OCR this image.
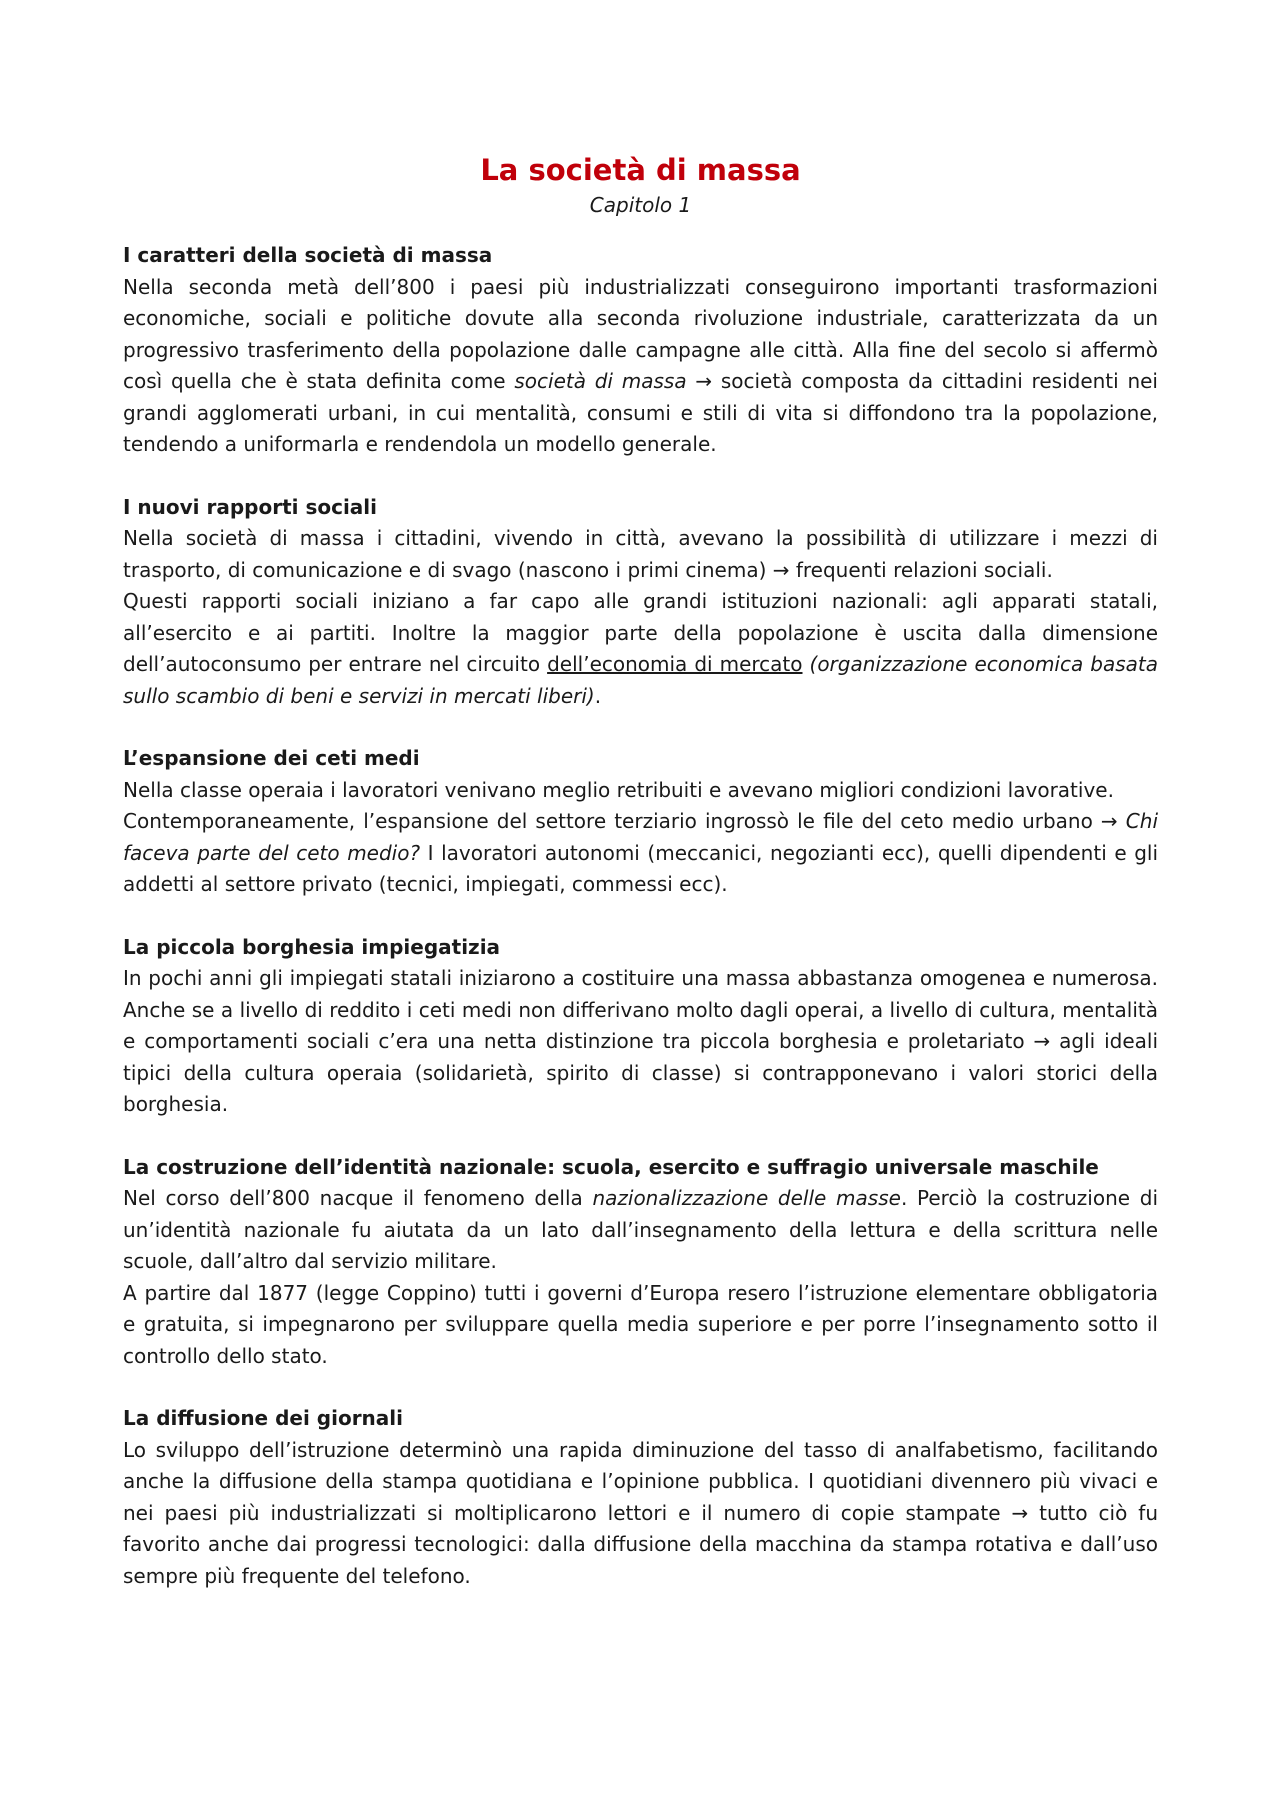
La società di massa
Capitolo 1
I caratteri della società di massa

Nella seconda metà dell’800 i paesi più industrializzati conseguirono importanti trasformazioni economiche, sociali e politiche dovute alla seconda rivoluzione industriale, caratterizzata da un progressivo trasferimento della popolazione dalle campagne alle città. Alla fine del secolo si affermò così quella che è stata definita come società di massa → società composta da cittadini residenti nei grandi agglomerati urbani, in cui mentalità, consumi e stili di vita si diffondono tra la popolazione, tendendo a uniformarla e rendendola un modello generale.

I nuovi rapporti sociali

Nella società di massa i cittadini, vivendo in città, avevano la possibilità di utilizzare i mezzi di trasporto, di comunicazione e di svago (nascono i primi cinema) → frequenti relazioni sociali.

Questi rapporti sociali iniziano a far capo alle grandi istituzioni nazionali: agli apparati statali, all’esercito e ai partiti. Inoltre la maggior parte della popolazione è uscita dalla dimensione dell’autoconsumo per entrare nel circuito dell’economia di mercato (organizzazione economica basata sullo scambio di beni e servizi in mercati liberi).

L’espansione dei ceti medi

Nella classe operaia i lavoratori venivano meglio retribuiti e avevano migliori condizioni lavorative.

Contemporaneamente, l’espansione del settore terziario ingrossò le file del ceto medio urbano → Chi faceva parte del ceto medio? I lavoratori autonomi (meccanici, negozianti ecc), quelli dipendenti e gli addetti al settore privato (tecnici, impiegati, commessi ecc).

La piccola borghesia impiegatizia

In pochi anni gli impiegati statali iniziarono a costituire una massa abbastanza omogenea e numerosa. Anche se a livello di reddito i ceti medi non differivano molto dagli operai, a livello di cultura, mentalità e comportamenti sociali c’era una netta distinzione tra piccola borghesia e proletariato → agli ideali tipici della cultura operaia (solidarietà, spirito di classe) si contrapponevano i valori storici della borghesia.

La costruzione dell’identità nazionale: scuola, esercito e suffragio universale maschile

Nel corso dell’800 nacque il fenomeno della nazionalizzazione delle masse. Perciò la costruzione di un’identità nazionale fu aiutata da un lato dall’insegnamento della lettura e della scrittura nelle scuole, dall’altro dal servizio militare.

A partire dal 1877 (legge Coppino) tutti i governi d’Europa resero l’istruzione elementare obbligatoria e gratuita, si impegnarono per sviluppare quella media superiore e per porre l’insegnamento sotto il controllo dello stato.

La diffusione dei giornali

Lo sviluppo dell’istruzione determinò una rapida diminuzione del tasso di analfabetismo, facilitando anche la diffusione della stampa quotidiana e l’opinione pubblica. I quotidiani divennero più vivaci e nei paesi più industrializzati si moltiplicarono lettori e il numero di copie stampate → tutto ciò fu favorito anche dai progressi tecnologici: dalla diffusione della macchina da stampa rotativa e dall’uso sempre più frequente del telefono.
